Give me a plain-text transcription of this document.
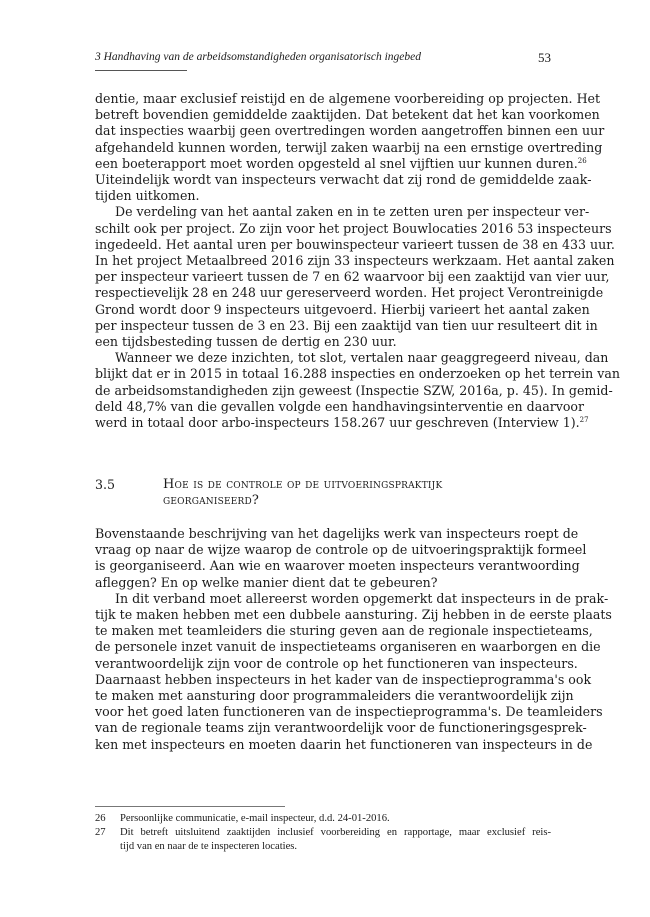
3 Handhaving van de arbeidsomstandigheden organisatorisch ingebed	53
dentie, maar exclusief reistijd en de algemene voorbereiding op projecten. Het
betreft bovendien gemiddelde zaaktijden. Dat betekent dat het kan voorkomen
dat inspecties waarbij geen overtredingen worden aangetroffen binnen een uur
afgehandeld kunnen worden, terwijl zaken waarbij na een ernstige overtreding
een boeterapport moet worden opgesteld al snel vijftien uur kunnen duren.$^{26}$
Uiteindelijk wordt van inspecteurs verwacht dat zij rond de gemiddelde zaak-
tijden uitkomen.
De verdeling van het aantal zaken en in te zetten uren per inspecteur ver-
schilt ook per project. Zo zijn voor het project Bouwlocaties 2016 53 inspecteurs
ingedeeld. Het aantal uren per bouwinspecteur varieert tussen de 38 en 433 uur.
In het project Metaalbreed 2016 zijn 33 inspecteurs werkzaam. Het aantal zaken
per inspecteur varieert tussen de 7 en 62 waarvoor bij een zaaktijd van vier uur,
respectievelijk 28 en 248 uur gereserveerd worden. Het project Verontreinigde
Grond wordt door 9 inspecteurs uitgevoerd. Hierbij varieert het aantal zaken
per inspecteur tussen de 3 en 23. Bij een zaaktijd van tien uur resulteert dit in
een tijdsbesteding tussen de dertig en 230 uur.
Wanneer we deze inzichten, tot slot, vertalen naar geaggregeerd niveau, dan
blijkt dat er in 2015 in totaal 16.288 inspecties en onderzoeken op het terrein van
de arbeidsomstandigheden zijn geweest (Inspectie SZW, 2016a, p. 45). In gemid-
deld 48,7% van die gevallen volgde een handhavingsinterventie en daarvoor
werd in totaal door arbo-inspecteurs 158.267 uur geschreven (Interview 1).$^{27}$
3.5	Hoe is de controle op de uitvoeringspraktijk
georganiseerd?
Bovenstaande beschrijving van het dagelijks werk van inspecteurs roept de
vraag op naar de wijze waarop de controle op de uitvoeringspraktijk formeel
is georganiseerd. Aan wie en waarover moeten inspecteurs verantwoording
afleggen? En op welke manier dient dat te gebeuren?
In dit verband moet allereerst worden opgemerkt dat inspecteurs in de prak-
tijk te maken hebben met een dubbele aansturing. Zij hebben in de eerste plaats
te maken met teamleiders die sturing geven aan de regionale inspectieteams,
de personele inzet vanuit de inspectieteams organiseren en waarborgen en die
verantwoordelijk zijn voor de controle op het functioneren van inspecteurs.
Daarnaast hebben inspecteurs in het kader van de inspectieprogramma's ook
te maken met aansturing door programmaleiders die verantwoordelijk zijn
voor het goed laten functioneren van de inspectieprogramma's. De teamleiders
van de regionale teams zijn verantwoordelijk voor de functioneringsgesprek-
ken met inspecteurs en moeten daarin het functioneren van inspecteurs in de
26 Persoonlijke communicatie, e-mail inspecteur, d.d. 24-01-2016.
27 Dit betreft uitsluitend zaaktijden inclusief voorbereiding en rapportage, maar exclusief reis-
tijd van en naar de te inspecteren locaties.
